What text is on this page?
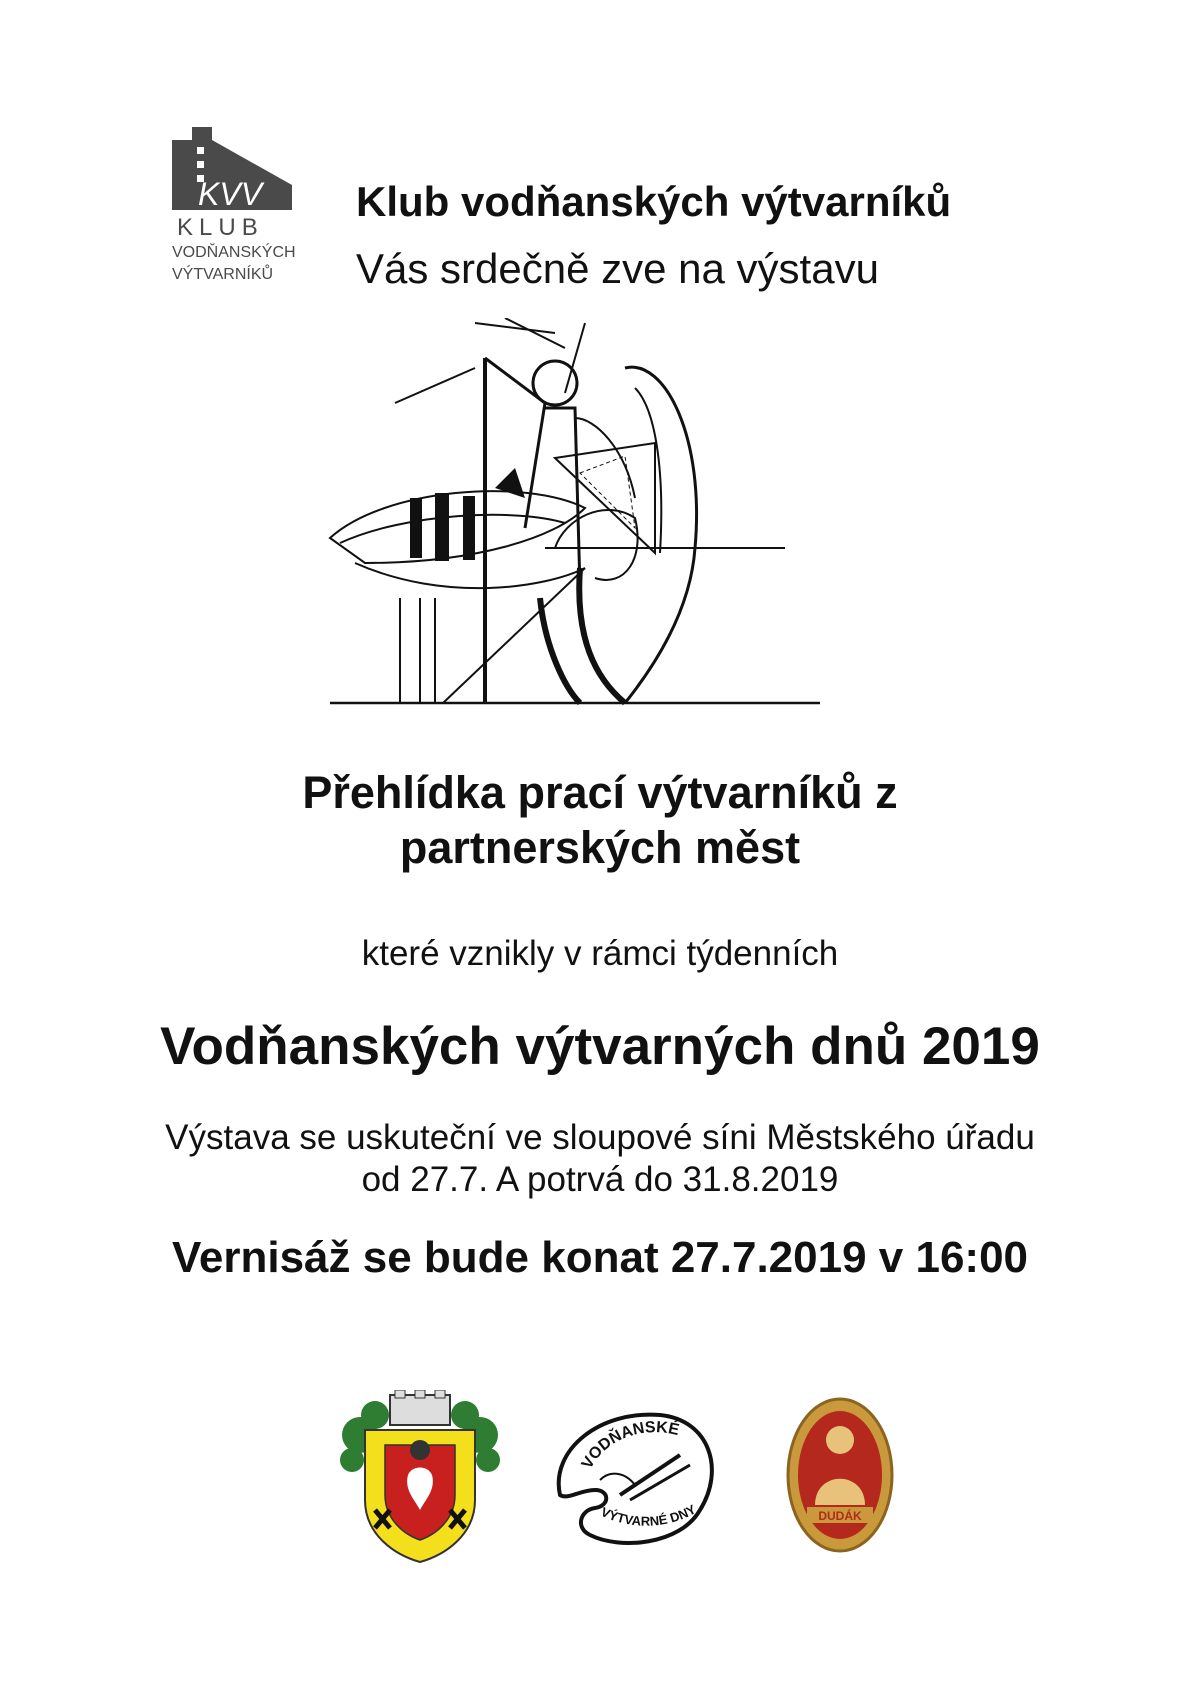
KVV
KLUB
VODŇANSKÝCH
VÝTVARNÍKŮ
Klub vodňanských výtvarníků
Vás srdečně zve na výstavu
Přehlídka prací výtvarníků z
partnerských měst
které vznikly v rámci týdenních
Vodňanských výtvarných dnů 2019
Výstava se uskuteční ve sloupové síni Městského úřadu
od 27.7. A potrvá do 31.8.2019
Vernisáž se bude konat 27.7.2019 v 16:00
VODŇANSKÉ
VÝTVARNÉ DNY	DUDÁK
